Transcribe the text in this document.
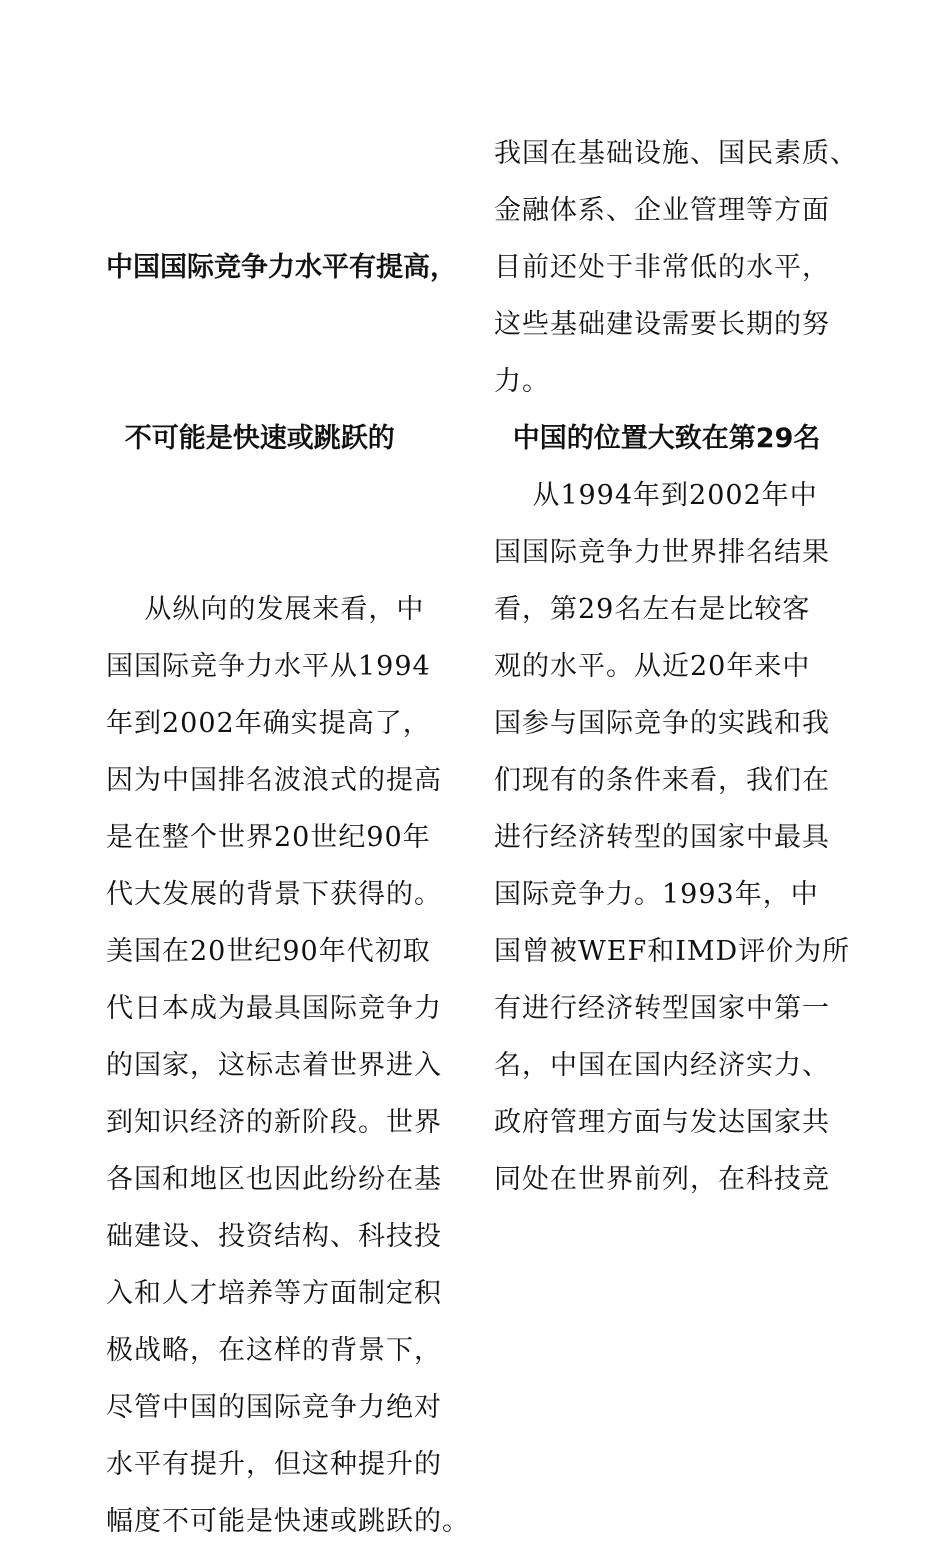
中国国际竞争力水平有提高，

不可能是快速或跳跃的

从纵向的发展来看，中
国国际竞争力水平从1994
年到2002年确实提高了，
因为中国排名波浪式的提高
是在整个世界20世纪90年
代大发展的背景下获得的。
美国在20世纪90年代初取
代日本成为最具国际竞争力
的国家，这标志着世界进入
到知识经济的新阶段。世界
各国和地区也因此纷纷在基
础建设、投资结构、科技投
入和人才培养等方面制定积
极战略，在这样的背景下，
尽管中国的国际竞争力绝对
水平有提升，但这种提升的
幅度不可能是快速或跳跃的。
我国在基础设施、国民素质、
金融体系、企业管理等方面
目前还处于非常低的水平，
这些基础建设需要长期的努
力。
中国的位置大致在第29名
从1994年到2002年中
国国际竞争力世界排名结果
看，第29名左右是比较客
观的水平。从近20年来中
国参与国际竞争的实践和我
们现有的条件来看，我们在
进行经济转型的国家中最具
国际竞争力。1993年，中
国曾被WEF和IMD评价为所
有进行经济转型国家中第一
名，中国在国内经济实力、
政府管理方面与发达国家共
同处在世界前列，在科技竞
